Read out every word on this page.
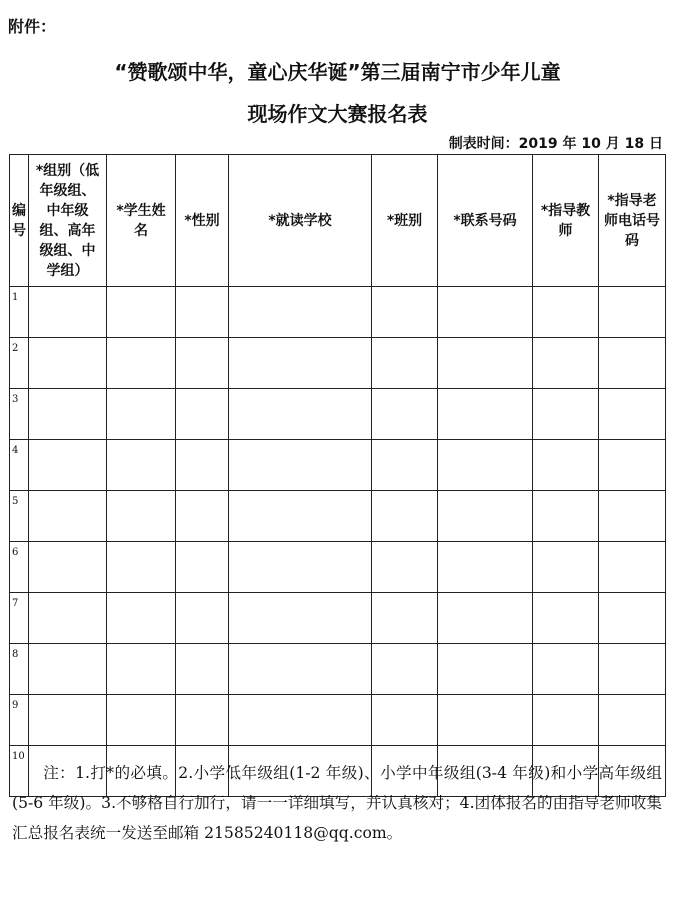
附件：
“赞歌颂中华，童心庆华诞”第三届南宁市少年儿童
现场作文大赛报名表
制表时间：2019 年 10 月 18 日
编号	*组别（低年级组、中年级组、高年级组、中学组）	*学生姓名	*性别	*就读学校	*班别	*联系号码	*指导教师	*指导老师电话号码
1								
2								
3								
4								
5								
6								
7								
8								
9								
10								
注：1.打*的必填。2.小学低年级组(1-2 年级)、小学中年级组(3-4 年级)和小学高年级组(5-6 年级)。3.不够格自行加行，请一一详细填写，并认真核对；4.团体报名的由指导老师收集汇总报名表统一发送至邮箱 21585240118@qq.com。
